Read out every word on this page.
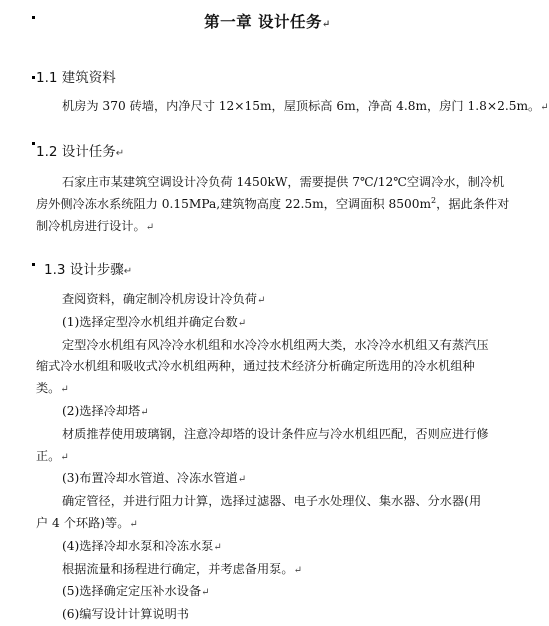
第一章 设计任务↵
1.1 建筑资料
机房为 370 砖墙，内净尺寸 12×15m，屋顶标高 6m，净高 4.8m，房门 1.8×2.5m。↵
1.2 设计任务↵
石家庄市某建筑空调设计冷负荷 1450kW，需要提供 7℃/12℃空调冷水，制冷机
房外侧冷冻水系统阻力 0.15MPa,建筑物高度 22.5m，空调面积 $8500m^2$，据此条件对
制冷机房进行设计。↵
1.3 设计步骤↵
查阅资料，确定制冷机房设计冷负荷↵
(1)选择定型冷水机组并确定台数↵
定型冷水机组有风冷冷水机组和水冷冷水机组两大类，水冷冷水机组又有蒸汽压
缩式冷水机组和吸收式冷水机组两种，通过技术经济分析确定所选用的冷水机组种
类。↵
(2)选择冷却塔↵
材质推荐使用玻璃钢，注意冷却塔的设计条件应与冷水机组匹配，否则应进行修
正。↵
(3)布置冷却水管道、冷冻水管道↵
确定管径，并进行阻力计算，选择过滤器、电子水处理仪、集水器、分水器(用
户 4 个环路)等。↵
(4)选择冷却水泵和冷冻水泵↵
根据流量和扬程进行确定，并考虑备用泵。↵
(5)选择确定定压补水设备↵
(6)编写设计计算说明书
